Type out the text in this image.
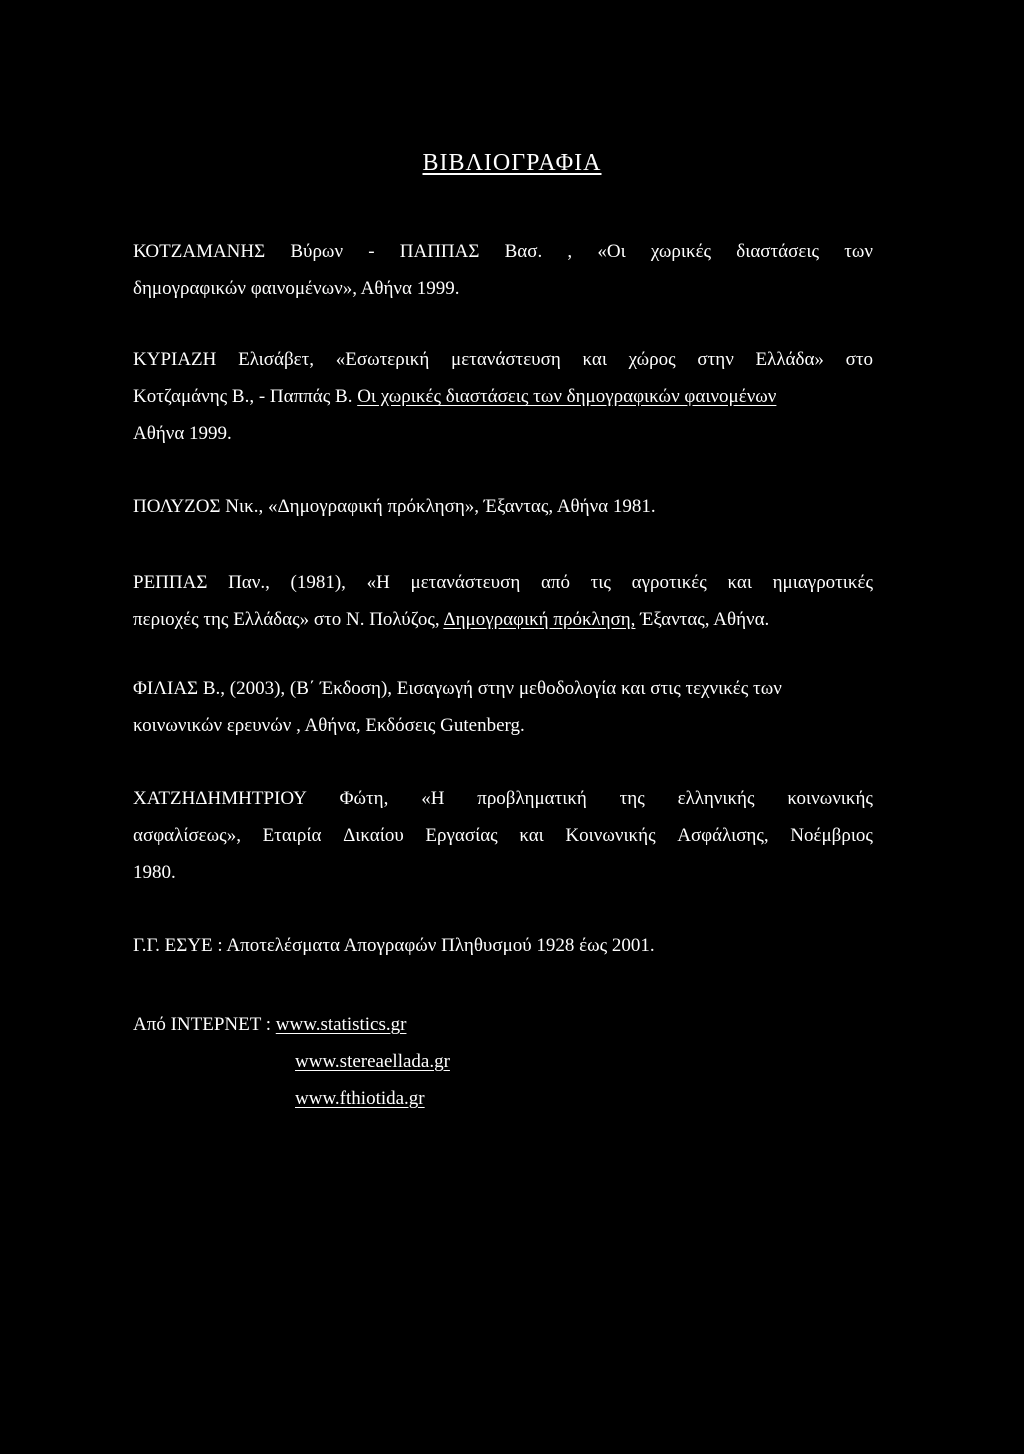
ΒΙΒΛΙΟΓΡΑΦΙΑ
ΚΟΤΖΑΜΑΝΗΣ Βύρων - ΠΑΠΠΑΣ Βασ. , «Οι χωρικές διαστάσεις των
δημογραφικών φαινομένων», Αθήνα 1999.
ΚΥΡΙΑΖΗ Ελισάβετ, «Εσωτερική μετανάστευση και χώρος στην Ελλάδα» στο
Κοτζαμάνης Β., - Παππάς Β. Οι χωρικές διαστάσεις των δημογραφικών φαινομένων
Αθήνα 1999.
ΠΟΛΥΖΟΣ Νικ., «Δημογραφική πρόκληση», Έξαντας, Αθήνα 1981.
ΡΕΠΠΑΣ Παν., (1981), «Η μετανάστευση από τις αγροτικές και ημιαγροτικές
περιοχές της Ελλάδας» στο Ν. Πολύζος, Δημογραφική πρόκληση, Έξαντας, Αθήνα.
ΦΙΛΙΑΣ Β., (2003), (Β΄ Έκδοση), Εισαγωγή στην μεθοδολογία και στις τεχνικές των
κοινωνικών ερευνών , Αθήνα, Εκδόσεις Gutenberg.
ΧΑΤΖΗΔΗΜΗΤΡΙΟΥ Φώτη, «Η προβληματική της ελληνικής κοινωνικής
ασφαλίσεως», Εταιρία Δικαίου Εργασίας και Κοινωνικής Ασφάλισης, Νοέμβριος
1980.
Γ.Γ. ΕΣΥΕ : Αποτελέσματα Απογραφών Πληθυσμού 1928 έως 2001.
Από ΙΝΤΕΡΝΕΤ : www.statistics.gr
www.stereaellada.gr
www.fthiotida.gr
